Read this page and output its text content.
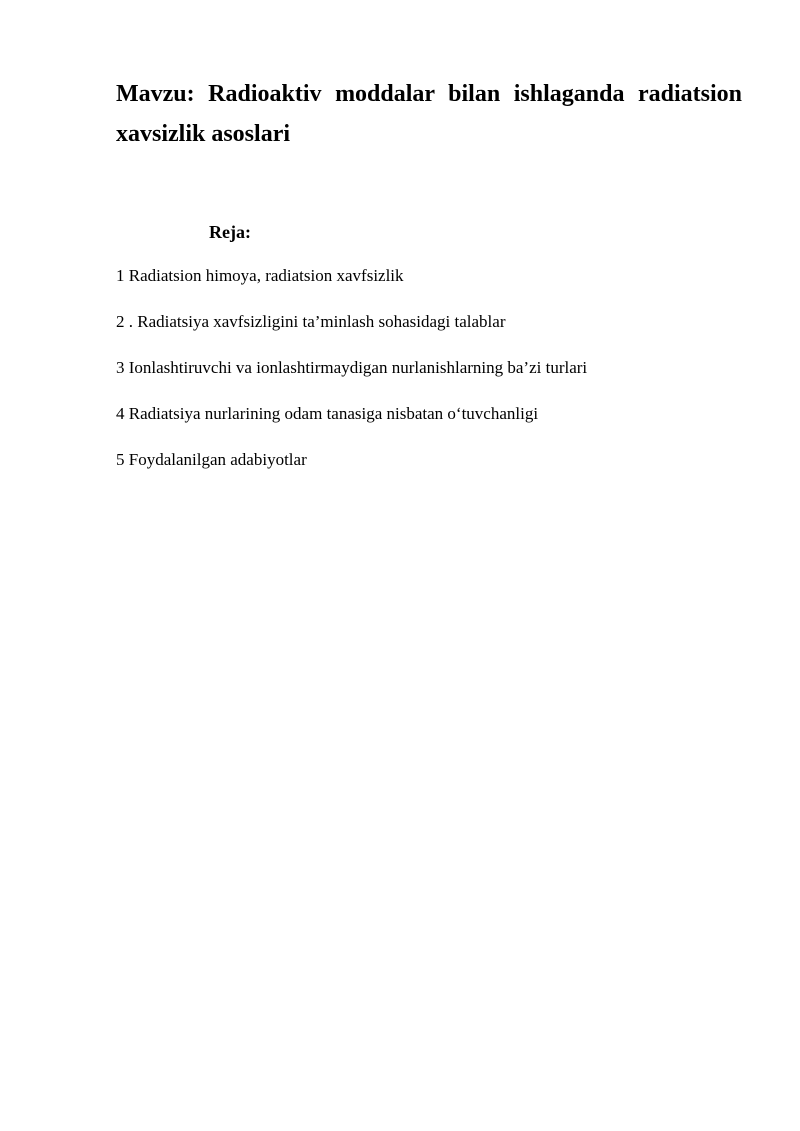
Mavzu: Radioaktiv moddalar bilan ishlaganda radiatsion xavsizlik asoslari

Reja:

1 Radiatsion himoya, radiatsion xavfsizlik
2 . Radiatsiya xavfsizligini ta’minlash sohasidagi talablar
3 Ionlashtiruvchi va ionlashtirmaydigan nurlanishlarning ba’zi turlari
4 Radiatsiya nurlarining odam tanasiga nisbatan o‘tuvchanligi
5 Foydalanilgan adabiyotlar
